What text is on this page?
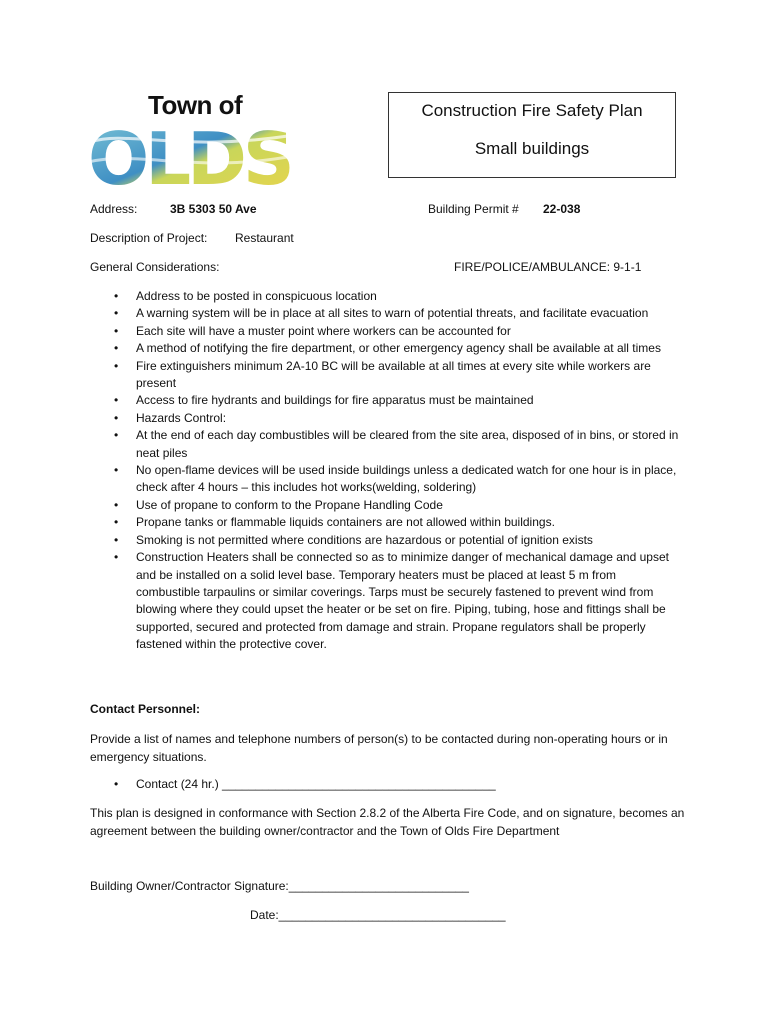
Town of
OLDS
Construction Fire Safety Plan
Small buildings
Address:	3B 5303 50 Ave	Building Permit # 22-038
Description of Project: Restaurant
General Considerations:	FIRE/POLICE/AMBULANCE: 9-1-1
• Address to be posted in conspicuous location
• A warning system will be in place at all sites to warn of potential threats, and facilitate evacuation
• Each site will have a muster point where workers can be accounted for
• A method of notifying the fire department, or other emergency agency shall be available at all times
• Fire extinguishers minimum 2A-10 BC will be available at all times at every site while workers are present
• Access to fire hydrants and buildings for fire apparatus must be maintained
• Hazards Control:
• At the end of each day combustibles will be cleared from the site area, disposed of in bins, or stored in neat piles
• No open-flame devices will be used inside buildings unless a dedicated watch for one hour is in place, check after 4 hours – this includes hot works(welding, soldering)
• Use of propane to conform to the Propane Handling Code
• Propane tanks or flammable liquids containers are not allowed within buildings.
• Smoking is not permitted where conditions are hazardous or potential of ignition exists
• Construction Heaters shall be connected so as to minimize danger of mechanical damage and upset and be installed on a solid level base. Temporary heaters must be placed at least 5 m from combustible tarpaulins or similar coverings. Tarps must be securely fastened to prevent wind from blowing where they could upset the heater or be set on fire. Piping, tubing, hose and fittings shall be supported, secured and protected from damage and strain. Propane regulators shall be properly fastened within the protective cover.
Contact Personnel:
Provide a list of names and telephone numbers of person(s) to be contacted during non-operating hours or in emergency situations.
• Contact (24 hr.) _________________________________________
This plan is designed in conformance with Section 2.8.2 of the Alberta Fire Code, and on signature, becomes an agreement between the building owner/contractor and the Town of Olds Fire Department
Building Owner/Contractor Signature:___________________________
Date:__________________________________
